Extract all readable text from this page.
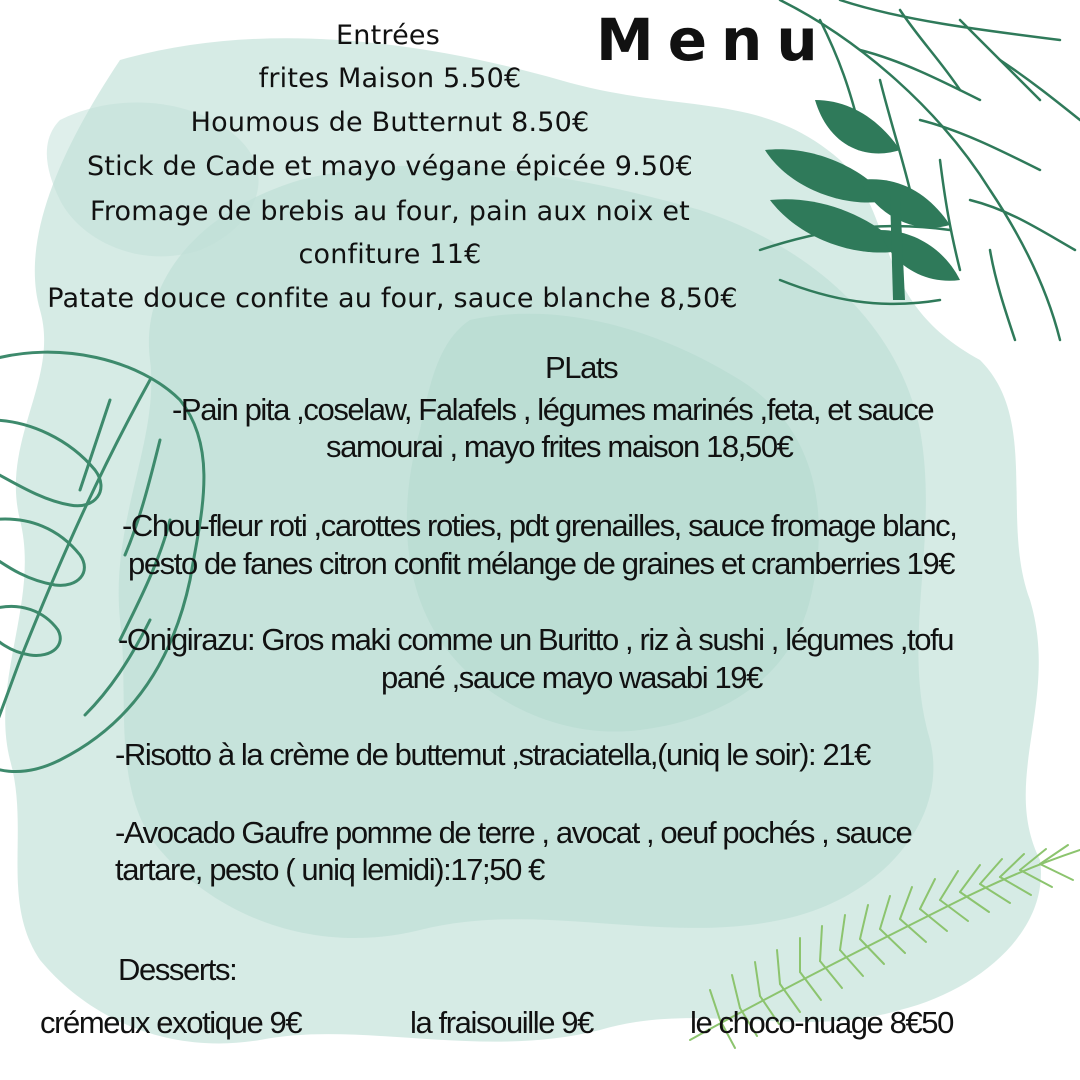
Menu
Entrées
frites Maison 5.50€
Houmous de Butternut 8.50€
Stick de Cade et mayo végane épicée 9.50€
Fromage de brebis au four, pain aux noix et
confiture 11€
Patate douce confite au four, sauce blanche 8,50€
PLats
-Pain pita ,coselaw, Falafels , légumes marinés ,feta, et sauce
samourai , mayo frites maison 18,50€
-Chou-fleur roti ,carottes roties, pdt grenailles, sauce fromage blanc,
pesto de fanes citron confit mélange de graines et cramberries 19€
-Onigirazu: Gros maki comme un Buritto , riz à sushi , légumes ,tofu
pané ,sauce mayo wasabi 19€
-Risotto à la crème de buttemut ,straciatella,(uniq le soir): 21€
-Avocado Gaufre pomme de terre , avocat , oeuf pochés , sauce
tartare, pesto ( uniq lemidi):17;50 €
Desserts:
crémeux exotique 9€	la fraisouille 9€	le choco-nuage 8€50
